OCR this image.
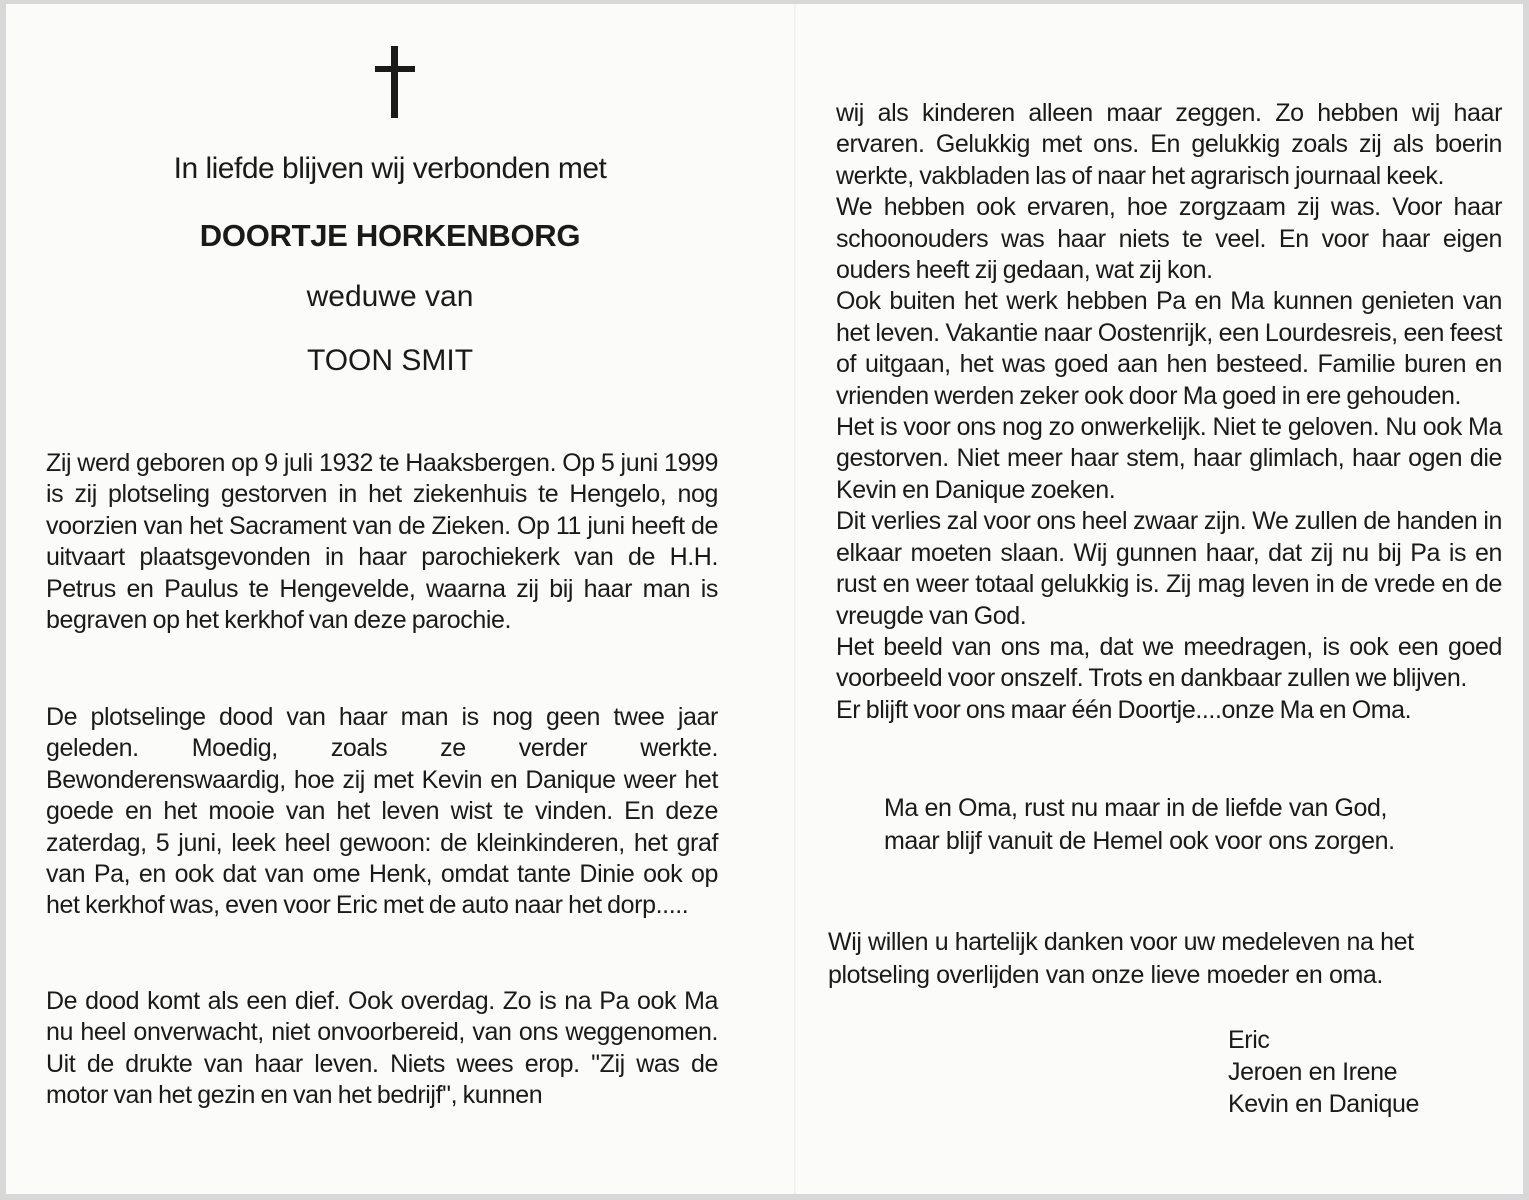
In liefde blijven wij verbonden met
DOORTJE HORKENBORG
weduwe van
TOON SMIT

Zij werd geboren op 9 juli 1932 te Haaksbergen. Op 5 juni 1999 is zij plotseling gestorven in het ziekenhuis te Hengelo, nog voorzien van het Sacrament van de Zieken. Op 11 juni heeft de uitvaart plaatsgevonden in haar parochiekerk van de H.H. Petrus en Paulus te Hengevelde, waarna zij bij haar man is begraven op het kerkhof van deze parochie.

De plotselinge dood van haar man is nog geen twee jaar geleden. Moedig, zoals ze verder werkte. Bewonderenswaardig, hoe zij met Kevin en Danique weer het goede en het mooie van het leven wist te vinden. En deze zaterdag, 5 juni, leek heel gewoon: de kleinkinderen, het graf van Pa, en ook dat van ome Henk, omdat tante Dinie ook op het kerkhof was, even voor Eric met de auto naar het dorp.....

De dood komt als een dief. Ook overdag. Zo is na Pa ook Ma nu heel onverwacht, niet onvoorbereid, van ons weggenomen. Uit de drukte van haar leven. Niets wees erop. "Zij was de motor van het gezin en van het bedrijf", kunnen

wij als kinderen alleen maar zeggen. Zo hebben wij haar ervaren. Gelukkig met ons. En gelukkig zoals zij als boerin werkte, vakbladen las of naar het agrarisch journaal keek.
We hebben ook ervaren, hoe zorgzaam zij was. Voor haar schoonouders was haar niets te veel. En voor haar eigen ouders heeft zij gedaan, wat zij kon.
Ook buiten het werk hebben Pa en Ma kunnen genieten van het leven. Vakantie naar Oostenrijk, een Lourdesreis, een feest of uitgaan, het was goed aan hen besteed. Familie buren en vrienden werden zeker ook door Ma goed in ere gehouden.
Het is voor ons nog zo onwerkelijk. Niet te geloven. Nu ook Ma gestorven. Niet meer haar stem, haar glimlach, haar ogen die Kevin en Danique zoeken.
Dit verlies zal voor ons heel zwaar zijn. We zullen de handen in elkaar moeten slaan. Wij gunnen haar, dat zij nu bij Pa is en rust en weer totaal gelukkig is. Zij mag leven in de vrede en de vreugde van God.
Het beeld van ons ma, dat we meedragen, is ook een goed voorbeeld voor onszelf. Trots en dankbaar zullen we blijven.
Er blijft voor ons maar één Doortje....onze Ma en Oma.
Ma en Oma, rust nu maar in de liefde van God,
maar blijf vanuit de Hemel ook voor ons zorgen.

Wij willen u hartelijk danken voor uw medeleven na het plotseling overlijden van onze lieve moeder en oma.

Eric
Jeroen en Irene
Kevin en Danique
